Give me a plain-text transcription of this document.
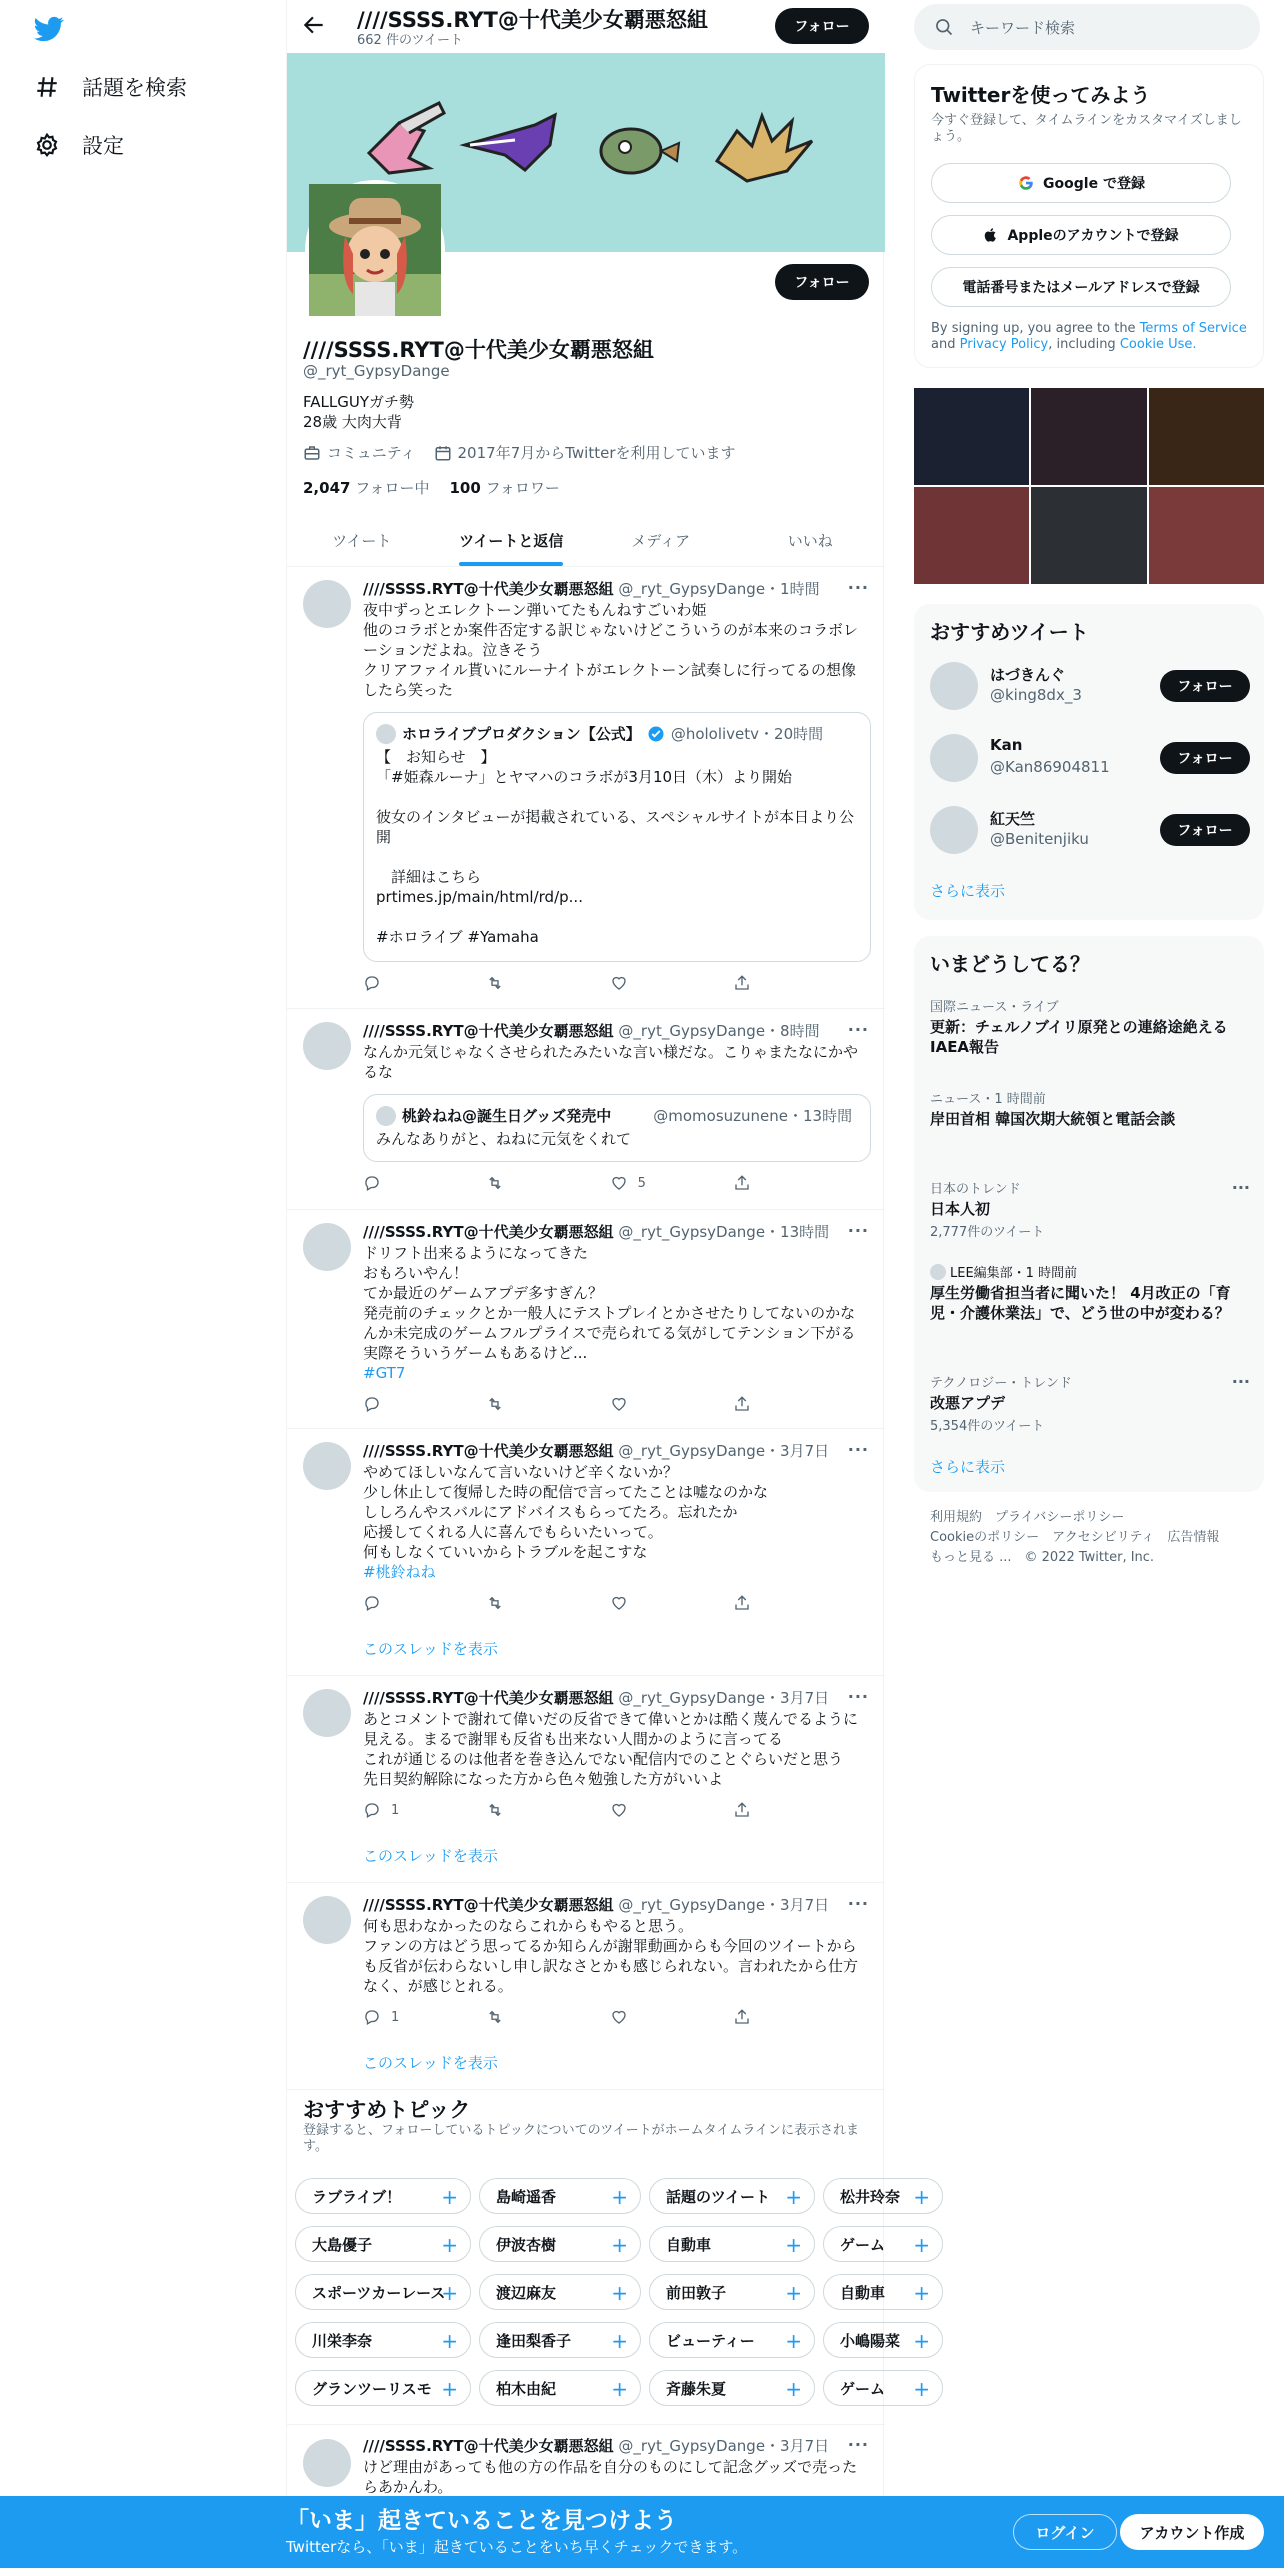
話題を検索
設定
////SSSS.RYT@十代美少女覇悪怒組
662 件のツイート
フォロー
フォロー
////SSSS.RYT@十代美少女覇悪怒組
@_ryt_GypsyDange
FALLGUYガチ勢
28歳 大肉大背
コミュニティ	2017年7月からTwitterを利用しています
2,047 フォロー中 100 フォロワー
ツイート	ツイートと返信	メディア	いいね
////SSSS.RYT@十代美少女覇悪怒組 @_ryt_GypsyDange・1時間 ···
夜中ずっとエレクトーン弾いてたもんねすごいわ姫
他のコラボとか案件否定する訳じゃないけどこういうのが本来のコラボレーションだよね。泣きそう
クリアファイル貰いにルーナイトがエレクトーン試奏しに行ってるの想像したら笑った
ホロライブプロダクション【公式】 @hololivetv・20時間
【　お知らせ　】
「#姫森ルーナ」とヤマハのコラボが3月10日（木）より開始

彼女のインタビューが掲載されている、スペシャルサイトが本日より公開

　詳細はこちら
prtimes.jp/main/html/rd/p...

#ホロライブ #Yamaha
////SSSS.RYT@十代美少女覇悪怒組 @_ryt_GypsyDange・8時間 ···
なんか元気じゃなくさせられたみたいな言い様だな。こりゃまたなにかやるな
桃鈴ねね@誕生日グッズ発売中	@momosuzunene・13時間
みんなありがと、ねねに元気をくれて
5
////SSSS.RYT@十代美少女覇悪怒組 @_ryt_GypsyDange・13時間 ···
ドリフト出来るようになってきた
おもろいやん！
てか最近のゲームアプデ多すぎん？
発売前のチェックとか一般人にテストプレイとかさせたりしてないのかなんか未完成のゲームフルプライスで売られてる気がしてテンション下がる実際そういうゲームもあるけど...
#GT7
////SSSS.RYT@十代美少女覇悪怒組 @_ryt_GypsyDange・3月7日 ···
やめてほしいなんて言いないけど辛くないか？
少し休止して復帰した時の配信で言ってたことは嘘なのかな
ししろんやスバルにアドバイスもらってたろ。忘れたか
応援してくれる人に喜んでもらいたいって。
何もしなくていいからトラブルを起こすな
#桃鈴ねね
このスレッドを表示
////SSSS.RYT@十代美少女覇悪怒組 @_ryt_GypsyDange・3月7日 ···
あとコメントで謝れて偉いだの反省できて偉いとかは酷く蔑んでるように見える。まるで謝罪も反省も出来ない人間かのように言ってる
これが通じるのは他者を巻き込んでない配信内でのことぐらいだと思う
先日契約解除になった方から色々勉強した方がいいよ
1
このスレッドを表示
////SSSS.RYT@十代美少女覇悪怒組 @_ryt_GypsyDange・3月7日 ···
何も思わなかったのならこれからもやると思う。
ファンの方はどう思ってるか知らんが謝罪動画からも今回のツイートからも反省が伝わらないし申し訳なさとかも感じられない。言われたから仕方なく、が感じとれる。
1
このスレッドを表示
おすすめトピック
登録すると、フォローしているトピックについてのツイートがホームタイムラインに表示されます。
ラブライブ！ +	島崎遥香	+	話題のツイート +	松井玲奈 +
大島優子	+	伊波杏樹	+	自動車	+	ゲーム +
スポーツカーレース
+	渡辺麻友	+	前田敦子	+	自動車 +
川栄李奈	+	逢田梨香子 +	ビューティー +	小嶋陽菜 +
グランツーリスモ +	柏木由紀	+	斉藤朱夏	+	ゲーム +
////SSSS.RYT@十代美少女覇悪怒組 @_ryt_GypsyDange・3月7日 ···
けど理由があっても他の方の作品を自分のものにして記念グッズで売ったらあかんわ。
キーワード検索
Twitterを使ってみよう
今すぐ登録して、タイムラインをカスタマイズしましょう。
Google で登録
Appleのアカウントで登録
電話番号またはメールアドレスで登録
By signing up, you agree to the Terms of Service and Privacy Policy, including Cookie Use.
おすすめツイート
はづきんぐ
@king8dx_3	フォロー
Kan
@Kan86904811	フォロー
紅天竺
@Benitenjiku	フォロー
さらに表示
いまどうしてる？
国際ニュース・ライブ
更新：チェルノブイリ原発との連絡途絶える IAEA報告
ニュース・1 時間前
岸田首相 韓国次期大統領と電話会談
日本のトレンド
日本人初
2,777件のツイート
···
LEE編集部・1 時間前
厚生労働省担当者に聞いた！ 4月改正の「育児・介護休業法」で、どう世の中が変わる？
テクノロジー・トレンド
改悪アプデ
5,354件のツイート
···
さらに表示
利用規約　プライバシーポリシー
Cookieのポリシー　アクセシビリティ　広告情報
もっと見る ...　© 2022 Twitter, Inc.
「いま」起きていることを見つけよう
Twitterなら、「いま」起きていることをいち早くチェックできます。
ログイン	アカウント作成
